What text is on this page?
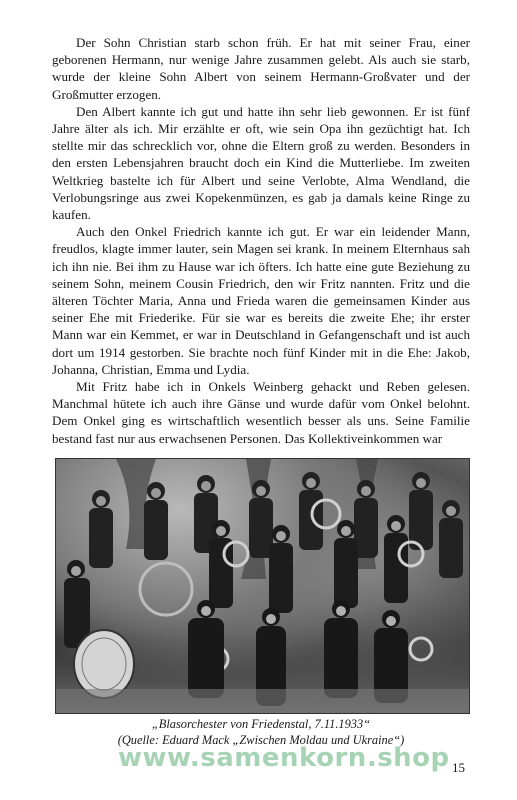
Der Sohn Christian starb schon früh. Er hat mit seiner Frau, einer geborenen Hermann, nur wenige Jahre zusammen gelebt. Als auch sie starb, wurde der kleine Sohn Albert von seinem Hermann-Großvater und der Großmutter erzogen.

Den Albert kannte ich gut und hatte ihn sehr lieb gewonnen. Er ist fünf Jahre älter als ich. Mir erzählte er oft, wie sein Opa ihn gezüchtigt hat. Ich stellte mir das schrecklich vor, ohne die Eltern groß zu werden. Besonders in den ersten Lebensjahren braucht doch ein Kind die Mutterliebe. Im zweiten Weltkrieg bastelte ich für Albert und seine Verlobte, Alma Wendland, die Verlobungsringe aus zwei Kopekenmünzen, es gab ja damals keine Ringe zu kaufen.

Auch den Onkel Friedrich kannte ich gut. Er war ein leidender Mann, freudlos, klagte immer lauter, sein Magen sei krank. In meinem Elternhaus sah ich ihn nie. Bei ihm zu Hause war ich öfters. Ich hatte eine gute Beziehung zu seinem Sohn, meinem Cousin Friedrich, den wir Fritz nannten. Fritz und die älteren Töchter Maria, Anna und Frieda waren die gemeinsamen Kinder aus seiner Ehe mit Friederike. Für sie war es bereits die zweite Ehe; ihr erster Mann war ein Kemmet, er war in Deutschland in Gefangenschaft und ist auch dort um 1914 gestorben. Sie brachte noch fünf Kinder mit in die Ehe: Jakob, Johanna, Christian, Emma und Lydia.

Mit Fritz habe ich in Onkels Weinberg gehackt und Reben gelesen. Manchmal hütete ich auch ihre Gänse und wurde dafür vom Onkel belohnt. Dem Onkel ging es wirtschaftlich wesentlich besser als uns. Seine Familie bestand fast nur aus erwachsenen Personen. Das Kollektiveinkommen war

„Blasorchester von Friedenstal, 7.11.1933“
(Quelle: Eduard Mack „Zwischen Moldau und Ukraine“)
www.samenkorn.shop 15
